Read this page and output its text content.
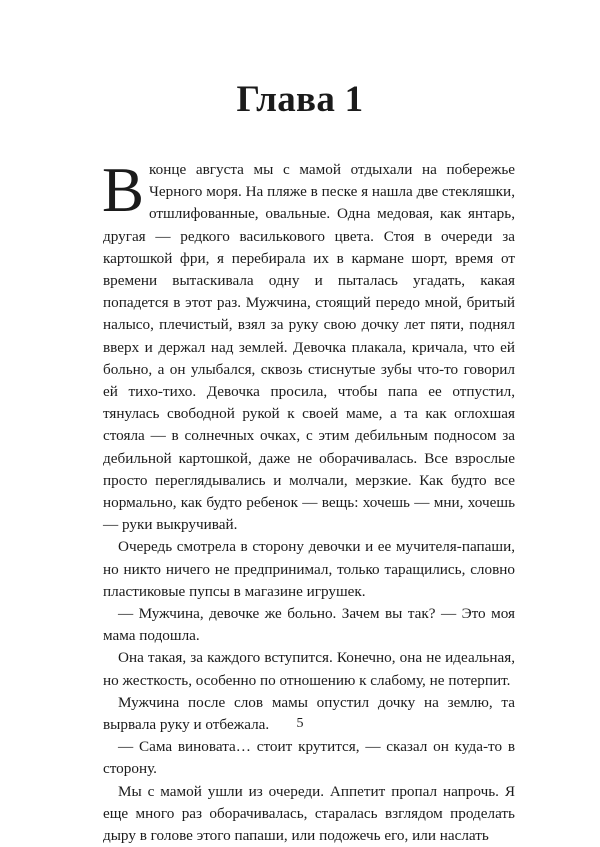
Глава 1

В конце августа мы с мамой отдыхали на побережье Черного моря. На пляже в песке я нашла две стекляшки, отшлифованные, овальные. Одна медовая, как янтарь, другая — редкого василькового цвета. Стоя в очереди за картошкой фри, я перебирала их в кармане шорт, время от времени вытаскивала одну и пыталась угадать, какая попадется в этот раз. Мужчина, стоящий передо мной, бритый налысо, плечистый, взял за руку свою дочку лет пяти, поднял вверх и держал над землей. Девочка плакала, кричала, что ей больно, а он улыбался, сквозь стиснутые зубы что-то говорил ей тихо-тихо. Девочка просила, чтобы папа ее отпустил, тянулась свободной рукой к своей маме, а та как оглохшая стояла — в солнечных очках, с этим дебильным подносом за дебильной картошкой, даже не оборачивалась. Все взрослые просто переглядывались и молчали, мерзкие. Как будто все нормально, как будто ребенок — вещь: хочешь — мни, хочешь — руки выкручивай.

Очередь смотрела в сторону девочки и ее мучителя-папаши, но никто ничего не предпринимал, только таращились, словно пластиковые пупсы в магазине игрушек.

— Мужчина, девочке же больно. Зачем вы так? — Это моя мама подошла.

Она такая, за каждого вступится. Конечно, она не идеальная, но жесткость, особенно по отношению к слабому, не потерпит.

Мужчина после слов мамы опустил дочку на землю, та вырвала руку и отбежала.

— Сама виновата… стоит крутится, — сказал он куда-то в сторону.

Мы с мамой ушли из очереди. Аппетит пропал напрочь. Я еще много раз оборачивалась, старалась взглядом проделать дыру в голове этого папаши, или подожечь его, или наслать

5
